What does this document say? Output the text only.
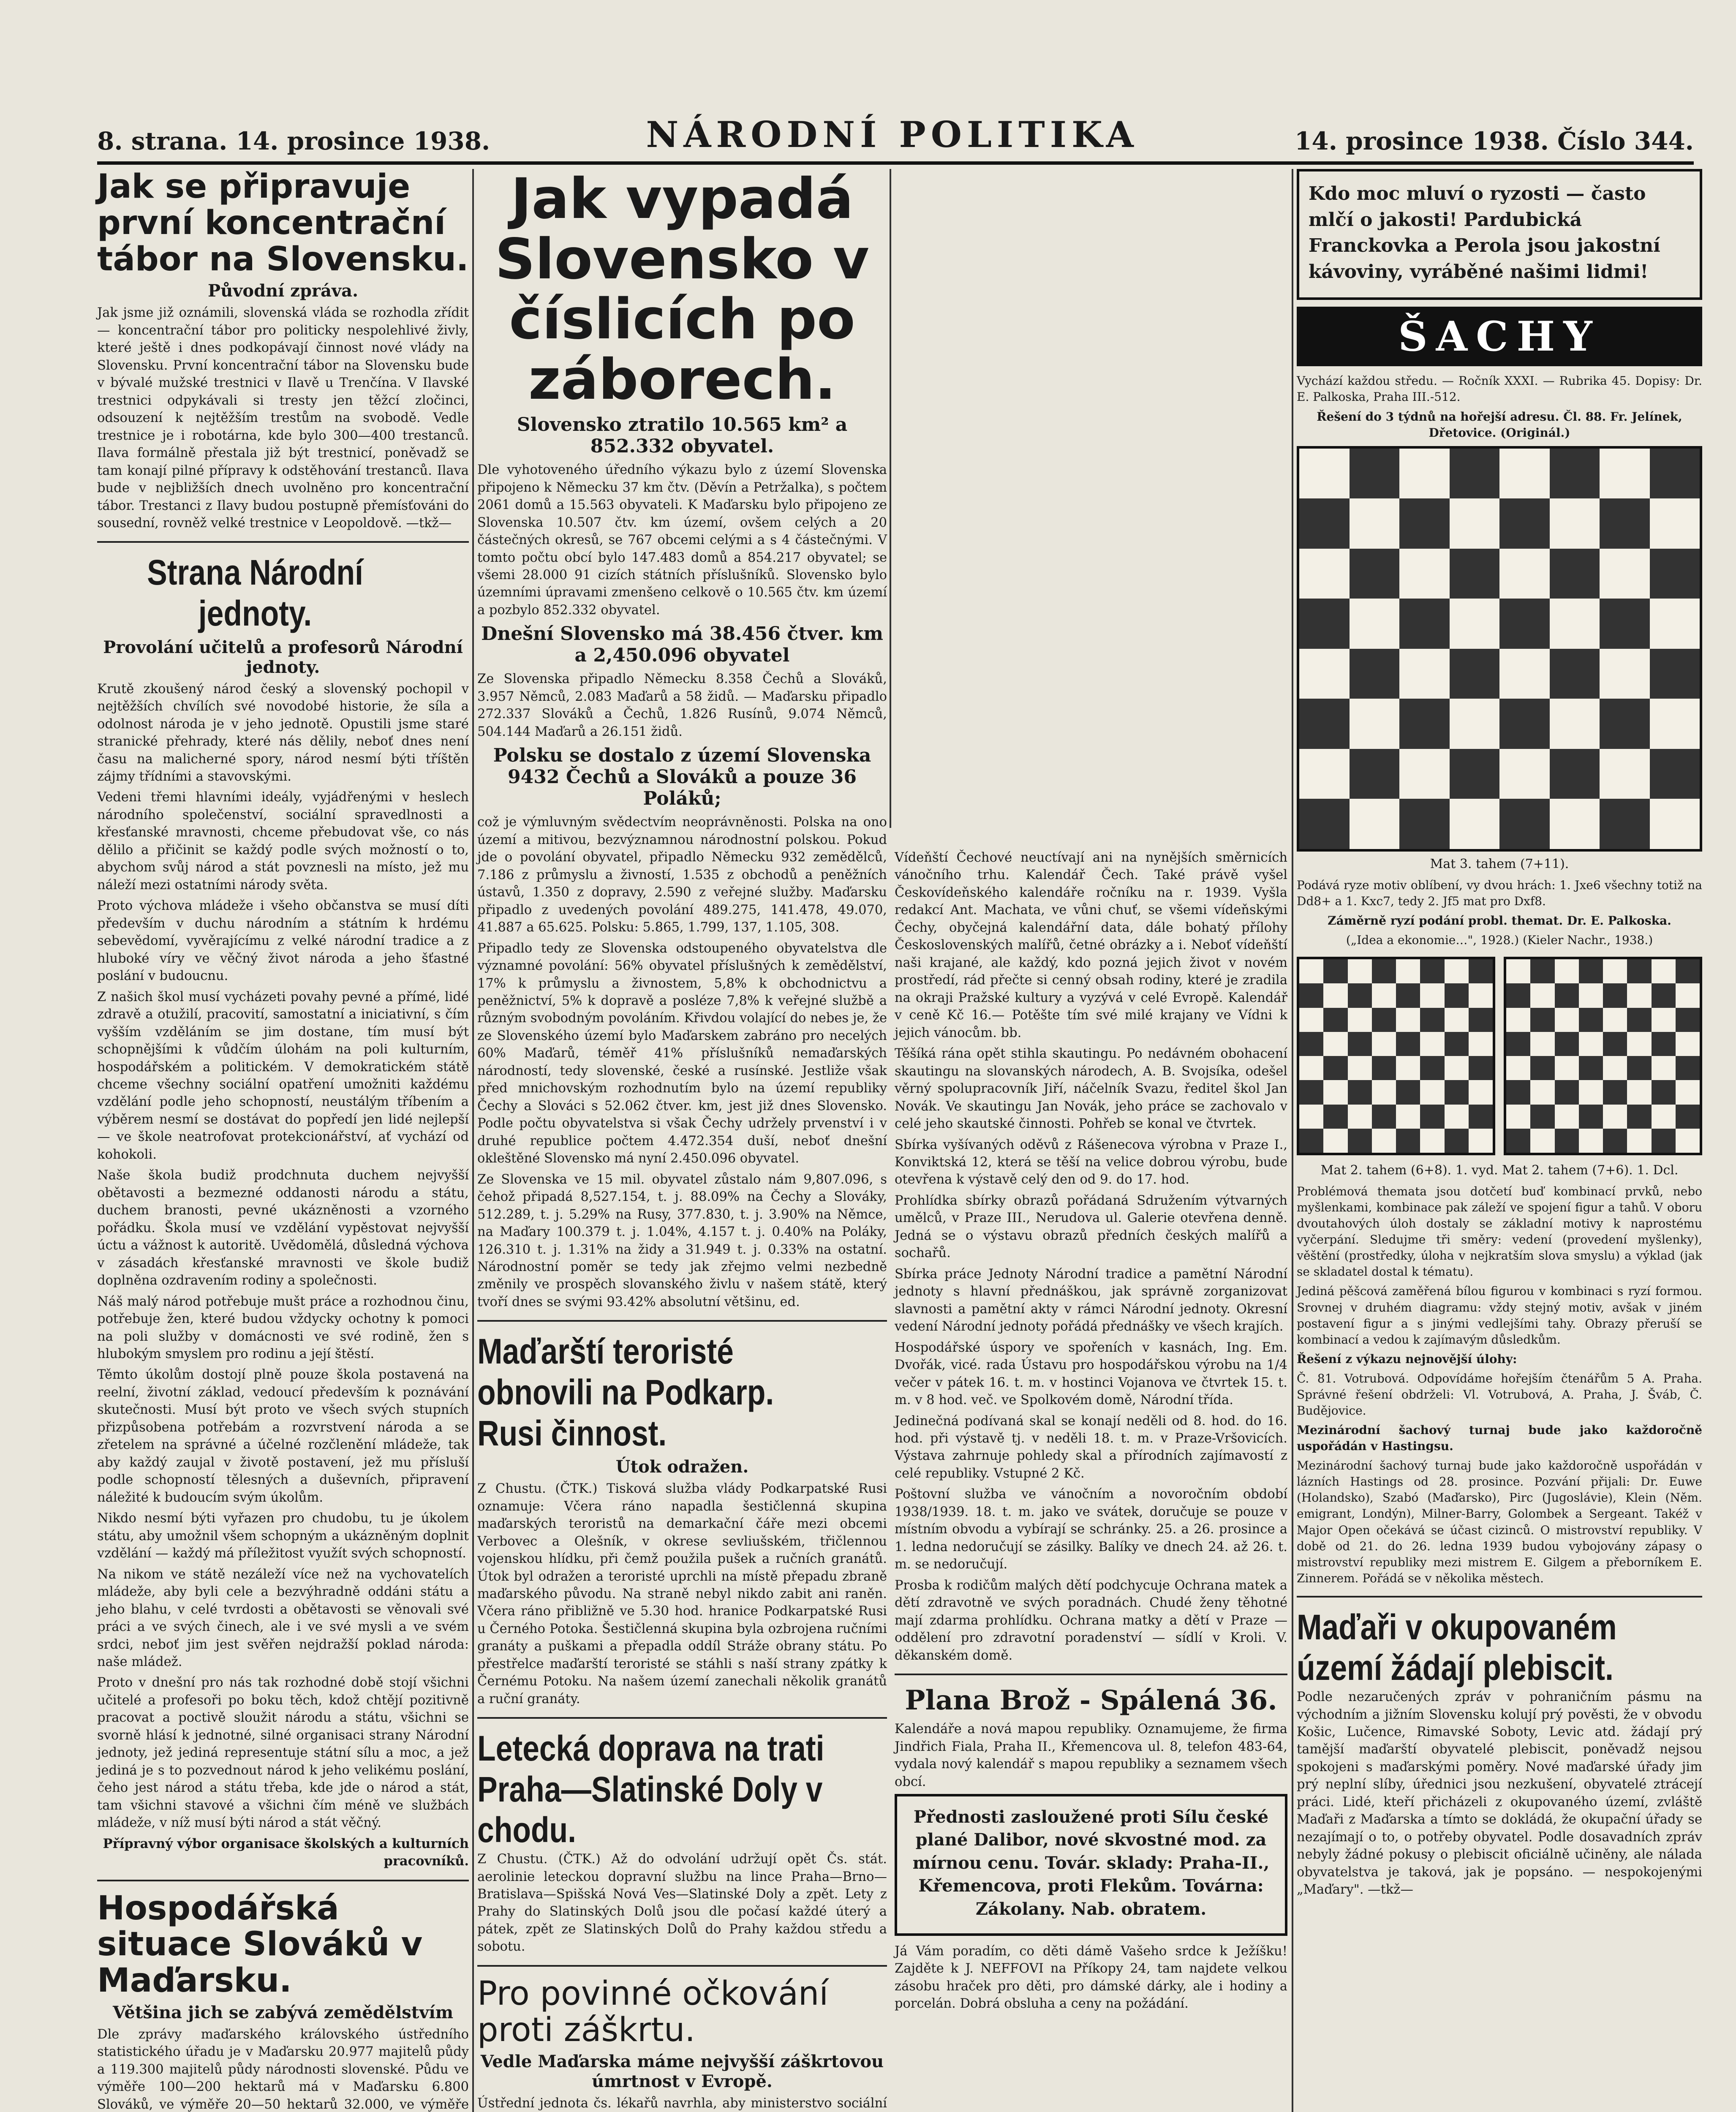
8. strana. 14. prosince 1938.	NÁRODNÍ POLITIKA	14. prosince 1938. Číslo 344.
Jak se připravuje první koncentrační tábor na Slovensku.
Původní zpráva.

Jak jsme již oznámili, slovenská vláda se rozhodla zřídit — koncentrační tábor pro politicky nespolehlivé živly, které ještě i dnes podkopávají činnost nové vlády na Slovensku. První koncentrační tábor na Slovensku bude v bývalé mužské trestnici v Ilavě u Trenčína. V Ilavské trestnici odpykávali si tresty jen těžcí zločinci, odsouzení k nejtěžším trestům na svobodě. Vedle trestnice je i robotárna, kde bylo 300—400 trestanců. Ilava formálně přestala již být trestnicí, poněvadž se tam konají pilné přípravy k odstěhování trestanců. Ilava bude v nejbližších dnech uvolněno pro koncentrační tábor. Trestanci z Ilavy budou postupně přemísťováni do sousední, rovněž velké trestnice v Leopoldově. —tkž—

Strana Národní jednoty.
Provolání učitelů a profesorů Národní jednoty.

Krutě zkoušený národ český a slovenský pochopil v nejtěžších chvílích své novodobé historie, že síla a odolnost národa je v jeho jednotě. Opustili jsme staré stranické přehrady, které nás dělily, neboť dnes není času na malicherné spory, národ nesmí býti tříštěn zájmy třídními a stavovskými.

Vedeni třemi hlavními ideály, vyjádřenými v heslech národního společenství, sociální spravedlnosti a křesťanské mravnosti, chceme přebudovat vše, co nás dělilo a přičinit se každý podle svých možností o to, abychom svůj národ a stát povznesli na místo, jež mu náleží mezi ostatními národy světa.

Proto výchova mládeže i všeho občanstva se musí díti především v duchu národním a státním k hrdému sebevědomí, vyvěrajícímu z velké národní tradice a z hluboké víry ve věčný život národa a jeho šťastné poslání v budoucnu.

Z našich škol musí vycházeti povahy pevné a přímé, lidé zdravě a otužilí, pracovití, samostatní a iniciativní, s čím vyšším vzděláním se jim dostane, tím musí být schopnějšími k vůdčím úlohám na poli kulturním, hospodářském a politickém. V demokratickém státě chceme všechny sociální opatření umožniti každému vzdělání podle jeho schopností, neustálým tříbením a výběrem nesmí se dostávat do popředí jen lidé nejlepší — ve škole neatrofovat protekcionářství, ať vychází od kohokoli.

Naše škola budiž prodchnuta duchem nejvyšší obětavosti a bezmezné oddanosti národu a státu, duchem branosti, pevné ukázněnosti a vzorného pořádku. Škola musí ve vzdělání vypěstovat nejvyšší úctu a vážnost k autoritě. Uvědomělá, důsledná výchova v zásadách křesťanské mravnosti ve škole budiž doplněna ozdravením rodiny a společnosti.

Náš malý národ potřebuje mušt práce a rozhodnou činu, potřebuje žen, které budou vždycky ochotny k pomoci na poli služby v domácnosti ve své rodině, žen s hlubokým smyslem pro rodinu a její štěstí.

Těmto úkolům dostojí plně pouze škola postavená na reelní, životní základ, vedoucí především k poznávání skutečnosti. Musí být proto ve všech svých stupních přizpůsobena potřebám a rozvrstvení národa a se zřetelem na správné a účelné rozčlenění mládeže, tak aby každý zaujal v životě postavení, jež mu přísluší podle schopností tělesných a duševních, připravení náležité k budoucím svým úkolům.

Nikdo nesmí býti vyřazen pro chudobu, tu je úkolem státu, aby umožnil všem schopným a ukázněným doplnit vzdělání — každý má příležitost využít svých schopností.

Na nikom ve státě nezáleží více než na vychovatelích mládeže, aby byli cele a bezvýhradně oddáni státu a jeho blahu, v celé tvrdosti a obětavosti se věnovali své práci a ve svých činech, ale i ve své mysli a ve svém srdci, neboť jim jest svěřen nejdražší poklad národa: naše mládež.

Proto v dnešní pro nás tak rozhodné době stojí všichni učitelé a profesoři po boku těch, kdož chtějí pozitivně pracovat a poctivě sloužit národu a státu, všichni se svorně hlásí k jednotné, silné organisaci strany Národní jednoty, jež jediná representuje státní sílu a moc, a jež jediná je s to pozvednout národ k jeho velikému poslání, čeho jest národ a státu třeba, kde jde o národ a stát, tam všichni stavové a všichni čím méně ve službách mládeže, v níž musí býti národ a stát věčný.

Přípravný výbor organisace školských a kulturních pracovníků.

Hospodářská situace Slováků v Maďarsku.
Většina jich se zabývá zemědělstvím

Dle zprávy maďarského královského ústředního statistického úřadu je v Maďarsku 20.977 majitelů půdy a 119.300 majitelů půdy národnosti slovenské. Půdu ve výměře 100—200 hektarů má v Maďarsku 6.800 Slováků, ve výměře 20—50 hektarů 32.000, ve výměře

Jak vypadá Slovensko v číslicích po záborech.
Slovensko ztratilo 10.565 km² a 852.332 obyvatel.

Dle vyhotoveného úředního výkazu bylo z území Slovenska připojeno k Německu 37 km čtv. (Děvín a Petržalka), s počtem 2061 domů a 15.563 obyvateli. K Maďarsku bylo připojeno ze Slovenska 10.507 čtv. km území, ovšem celých a 20 částečných okresů, se 767 obcemi celými a s 4 částečnými. V tomto počtu obcí bylo 147.483 domů a 854.217 obyvatel; se všemi 28.000 91 cizích státních příslušníků. Slovensko bylo územními úpravami zmenšeno celkově o 10.565 čtv. km území a pozbylo 852.332 obyvatel.

Dnešní Slovensko má 38.456 čtver. km a 2,450.096 obyvatel

Ze Slovenska připadlo Německu 8.358 Čechů a Slováků, 3.957 Němců, 2.083 Maďarů a 58 židů. — Maďarsku připadlo 272.337 Slováků a Čechů, 1.826 Rusínů, 9.074 Němců, 504.144 Maďarů a 26.151 židů.

Polsku se dostalo z území Slovenska 9432 Čechů a Slováků a pouze 36 Poláků;

což je výmluvným svědectvím neoprávněnosti. Polska na ono území a mitivou, bezvýznamnou národnostní polskou. Pokud jde o povolání obyvatel, připadlo Německu 932 zemědělců, 7.186 z průmyslu a živností, 1.535 z obchodů a peněžních ústavů, 1.350 z dopravy, 2.590 z veřejné služby. Maďarsku připadlo z uvedených povolání 489.275, 141.478, 49.070, 41.887 a 65.625. Polsku: 5.865, 1.799, 137, 1.105, 308.

Připadlo tedy ze Slovenska odstoupeného obyvatelstva dle významné povolání: 56% obyvatel příslušných k zemědělství, 17% k průmyslu a živnostem, 5,8% k obchodnictvu a peněžnictví, 5% k dopravě a posléze 7,8% k veřejné službě a různým svobodným povoláním. Křivdou volající do nebes je, že ze Slovenského území bylo Maďarskem zabráno pro necelých 60% Maďarů, téměř 41% příslušníků nemaďarských národností, tedy slovenské, české a rusínské. Jestliže však před mnichovským rozhodnutím bylo na území republiky Čechy a Slováci s 52.062 čtver. km, jest již dnes Slovensko. Podle počtu obyvatelstva si však Čechy udržely prvenství i v druhé republice počtem 4.472.354 duší, neboť dnešní okleštěné Slovensko má nyní 2.450.096 obyvatel.

Ze Slovenska ve 15 mil. obyvatel zůstalo nám 9,807.096, s čehož připadá 8,527.154, t. j. 88.09% na Čechy a Slováky, 512.289, t. j. 5.29% na Rusy, 377.830, t. j. 3.90% na Němce, na Maďary 100.379 t. j. 1.04%, 4.157 t. j. 0.40% na Poláky, 126.310 t. j. 1.31% na židy a 31.949 t. j. 0.33% na ostatní. Národnostní poměr se tedy jak zřejmo velmi nezbedně změnily ve prospěch slovanského živlu v našem státě, který tvoří dnes se svými 93.42% absolutní většinu, ed.

Maďarští teroristé obnovili na Podkarp. Rusi činnost.
Útok odražen.

Z Chustu. (ČTK.) Tisková služba vlády Podkarpatské Rusi oznamuje: Včera ráno napadla šestičlenná skupina maďarských teroristů na demarkační čáře mezi obcemi Verbovec a Olešník, v okrese sevliušském, třičlennou vojenskou hlídku, při čemž použila pušek a ručních granátů. Útok byl odražen a teroristé uprchli na místě přepadu zbraně maďarského původu. Na straně nebyl nikdo zabit ani raněn. Včera ráno přibližně ve 5.30 hod. hranice Podkarpatské Rusi u Černého Potoka. Šestičlenná skupina byla ozbrojena ručními granáty a puškami a přepadla oddíl Stráže obrany státu. Po přestřelce maďarští teroristé se stáhli s naší strany zpátky k Černému Potoku. Na našem území zanechali několik granátů a ruční granáty.

Letecká doprava na trati Praha—Slatinské Doly v chodu.

Z Chustu. (ČTK.) Až do odvolání udržují opět Čs. stát. aerolinie leteckou dopravní službu na lince Praha—Brno—Bratislava—Spišská Nová Ves—Slatinské Doly a zpět. Lety z Prahy do Slatinských Dolů jsou dle počasí každé úterý a pátek, zpět ze Slatinských Dolů do Prahy každou středu a sobotu.

Pro povinné očkování proti záškrtu.
Vedle Maďarska máme nejvyšší záškrtovou úmrtnost v Evropě.

Ústřední jednota čs. lékařů navrhla, aby ministerstvo sociální

Vídeňští Čechové neuctívají ani na nynějších směrnicích vánočního trhu. Kalendář Čech. Také právě vyšel Českovídeňského kalendáře ročníku na r. 1939. Vyšla redakcí Ant. Machata, ve vůni chuť, se všemi vídeňskými Čechy, obyčejná kalendářní data, dále bohatý přílohy Československých malířů, četné obrázky a i. Neboť vídeňští naši krajané, ale každý, kdo pozná jejich život v novém prostředí, rád přečte si cenný obsah rodiny, které je zradila na okraji Pražské kultury a vyzývá v celé Evropě. Kalendář v ceně Kč 16.— Potěšte tím své milé krajany ve Vídni k jejich vánocům. bb.

Těšíká rána opět stihla skautingu. Po nedávném obohacení skautingu na slovanských národech, A. B. Svojsíka, odešel věrný spolupracovník Jiří, náčelník Svazu, ředitel škol Jan Novák. Ve skautingu Jan Novák, jeho práce se zachovalo v celé jeho skautské činnosti. Pohřeb se konal ve čtvrtek.

Sbírka vyšívaných oděvů z Rášenecova výrobna v Praze I., Konviktská 12, která se těší na velice dobrou výrobu, bude otevřena k výstavě celý den od 9. do 17. hod.

Prohlídka sbírky obrazů pořádaná Sdružením výtvarných umělců, v Praze III., Nerudova ul. Galerie otevřena denně. Jedná se o výstavu obrazů předních českých malířů a sochařů.

Sbírka práce Jednoty Národní tradice a pamětní Národní jednoty s hlavní přednáškou, jak správně zorganizovat slavnosti a pamětní akty v rámci Národní jednoty. Okresní vedení Národní jednoty pořádá přednášky ve všech krajích.

Hospodářské úspory ve spořeních v kasnách, Ing. Em. Dvořák, vicé. rada Ústavu pro hospodářskou výrobu na 1/4 večer v pátek 16. t. m. v hostinci Vojanova ve čtvrtek 15. t. m. v 8 hod. več. ve Spolkovém domě, Národní třída.

Jedinečná podívaná skal se konají neděli od 8. hod. do 16. hod. při výstavě tj. v neděli 18. t. m. v Praze-Vršovicích. Výstava zahrnuje pohledy skal a přírodních zajímavostí z celé republiky. Vstupné 2 Kč.

Poštovní služba ve vánočním a novoročním období 1938/1939. 18. t. m. jako ve svátek, doručuje se pouze v místním obvodu a vybírají se schránky. 25. a 26. prosince a 1. ledna nedoručují se zásilky. Balíky ve dnech 24. až 26. t. m. se nedoručují.

Prosba k rodičům malých dětí podchycuje Ochrana matek a dětí zdravotně ve svých poradnách. Chudé ženy těhotné mají zdarma prohlídku. Ochrana matky a dětí v Praze — oddělení pro zdravotní poradenství — sídlí v Kroli. V. děkanském domě.

Plana Brož - Spálená 36.

Kalendáře a nová mapou republiky. Oznamujeme, že firma Jindřich Fiala, Praha II., Křemencova ul. 8, telefon 483-64, vydala nový kalendář s mapou republiky a seznamem všech obcí.

Přednosti zasloužené proti Sílu české plané Dalibor, nové skvostné mod. za mírnou cenu. Továr. sklady: Praha-II., Křemencova, proti Flekům. Továrna: Zákolany. Nab. obratem.

Já Vám poradím, co děti dámě Vašeho srdce k Ježíšku! Zajděte k J. NEFFOVI na Příkopy 24, tam najdete velkou zásobu hraček pro děti, pro dámské dárky, ale i hodiny a porcelán. Dobrá obsluha a ceny na požádání.

Kdo moc mluví o ryzosti — často mlčí o jakosti! Pardubická Franckovka a Perola jsou jakostní kávoviny, vyráběné našimi lidmi!

ŠACHY

Vychází každou středu. — Ročník XXXI. — Rubrika 45. Dopisy: Dr. E. Palkoska, Praha III.-512.

Řešení do 3 týdnů na hořejší adresu. Čl. 88. Fr. Jelínek, Dřetovice. (Originál.)

Mat 3. tahem (7+11).

Podává ryze motiv oblíbení, vy dvou hrách: 1. Jxe6 všechny totiž na Dd8+ a 1. Kxc7, tedy 2. Jf5 mat pro Dxf8.

Záměrně ryzí podání probl. themat. Dr. E. Palkoska.

(„Idea a ekonomie…", 1928.) (Kieler Nachr., 1938.)

Mat 2. tahem (6+8). 1. vyd. Mat 2. tahem (7+6). 1. Dcl.

Problémová themata jsou dotčetí buď kombinací prvků, nebo myšlenkami, kombinace pak záleží ve spojení figur a tahů. V oboru dvoutahových úloh dostaly se základní motivy k naprostému vyčerpání. Sledujme tři směry: vedení (provedení myšlenky), věštění (prostředky, úloha v nejkratším slova smyslu) a výklad (jak se skladatel dostal k tématu).

Jediná pěšcová zaměřená bílou figurou v kombinaci s ryzí formou. Srovnej v druhém diagramu: vždy stejný motiv, avšak v jiném postavení figur a s jinými vedlejšími tahy. Obrazy přeruší se kombinací a vedou k zajímavým důsledkům.

Řešení z výkazu nejnovější úlohy:

Č. 81. Votrubová. Odpovídáme hořejším čtenářům 5 A. Praha. Správné řešení obdrželi: Vl. Votrubová, A. Praha, J. Šváb, Č. Budějovice.

Mezinárodní šachový turnaj bude jako každoročně uspořádán v Hastingsu.

Mezinárodní šachový turnaj bude jako každoročně uspořádán v lázních Hastings od 28. prosince. Pozvání přijali: Dr. Euwe (Holandsko), Szabó (Maďarsko), Pirc (Jugoslávie), Klein (Něm. emigrant, Londýn), Milner-Barry, Golombek a Sergeant. Takéž v Major Open očekává se účast cizinců. O mistrovství republiky. V době od 21. do 26. ledna 1939 budou vybojovány zápasy o mistrovství republiky mezi mistrem E. Gilgem a přeborníkem E. Zinnerem. Pořádá se v několika městech.

Maďaři v okupovaném území žádají plebiscit.

Podle nezaručených zpráv v pohraničním pásmu na východním a jižním Slovensku kolují prý pověsti, že v obvodu Košic, Lučence, Rimavské Soboty, Levic atd. žádají prý tamější maďarští obyvatelé plebiscit, poněvadž nejsou spokojeni s maďarskými poměry. Nové maďarské úřady jim prý neplní slíby, úřednici jsou nezkušení, obyvatelé ztrácejí práci. Lidé, kteří přicházeli z okupovaného území, zvláště Maďaři z Maďarska a tímto se dokládá, že okupační úřady se nezajímají o to, o potřeby obyvatel. Podle dosavadních zpráv nebyly žádné pokusy o plebiscit oficiálně učiněny, ale nálada obyvatelstva je taková, jak je popsáno. — nespokojenými „Maďary". —tkž—
